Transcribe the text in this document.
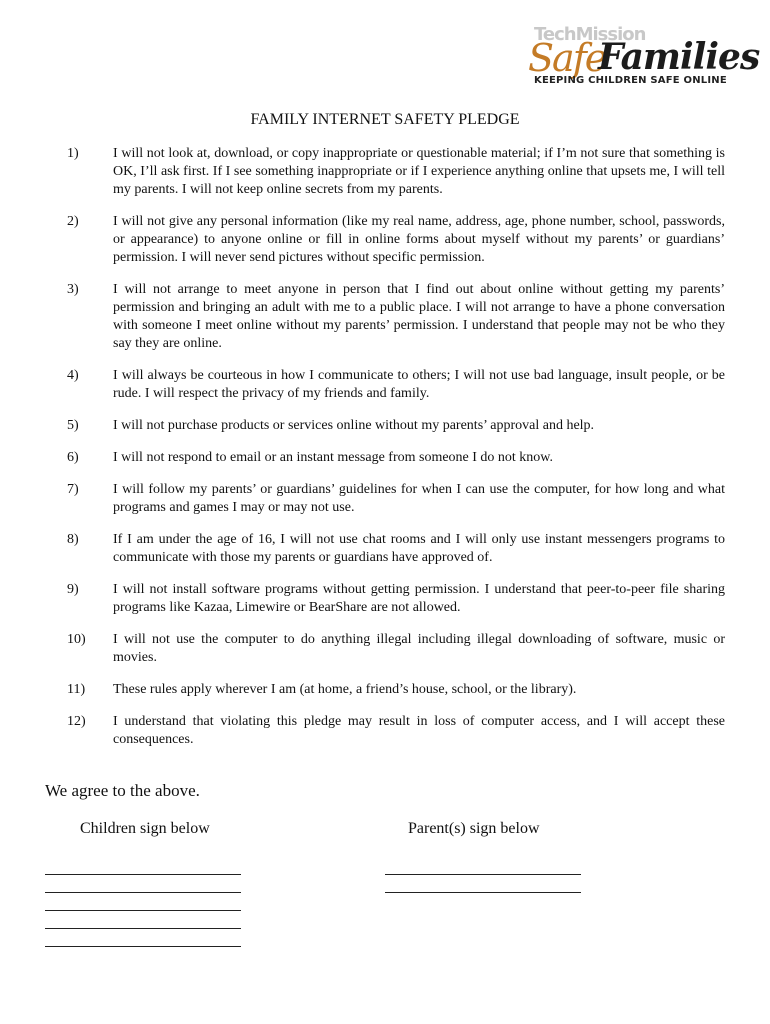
TechMission
Safe
Families
KEEPING CHILDREN SAFE ONLINE
FAMILY INTERNET SAFETY PLEDGE
1)	I will not look at, download, or copy inappropriate or questionable material; if I’m not sure that something is OK, I’ll ask first. If I see something inappropriate or if I experience anything online that upsets me, I will tell my parents. I will not keep online secrets from my parents.
2)	I will not give any personal information (like my real name, address, age, phone number, school, passwords, or appearance) to anyone online or fill in online forms about myself without my parents’ or guardians’ permission. I will never send pictures without specific permission.
3)	I will not arrange to meet anyone in person that I find out about online without getting my parents’ permission and bringing an adult with me to a public place. I will not arrange to have a phone conversation with someone I meet online without my parents’ permission. I understand that people may not be who they say they are online.
4)	I will always be courteous in how I communicate to others; I will not use bad language, insult people, or be rude. I will respect the privacy of my friends and family.
5)	I will not purchase products or services online without my parents’ approval and help.
6)	I will not respond to email or an instant message from someone I do not know.
7)	I will follow my parents’ or guardians’ guidelines for when I can use the computer, for how long and what programs and games I may or may not use.
8)	If I am under the age of 16, I will not use chat rooms and I will only use instant messengers programs to communicate with those my parents or guardians have approved of.
9)	I will not install software programs without getting permission. I understand that peer-to-peer file sharing programs like Kazaa, Limewire or BearShare are not allowed.
10)	I will not use the computer to do anything illegal including illegal downloading of software, music or movies.
11)	These rules apply wherever I am (at home, a friend’s house, school, or the library).
12)	I understand that violating this pledge may result in loss of computer access, and I will accept these consequences.
We agree to the above.
Children sign below	Parent(s) sign below
